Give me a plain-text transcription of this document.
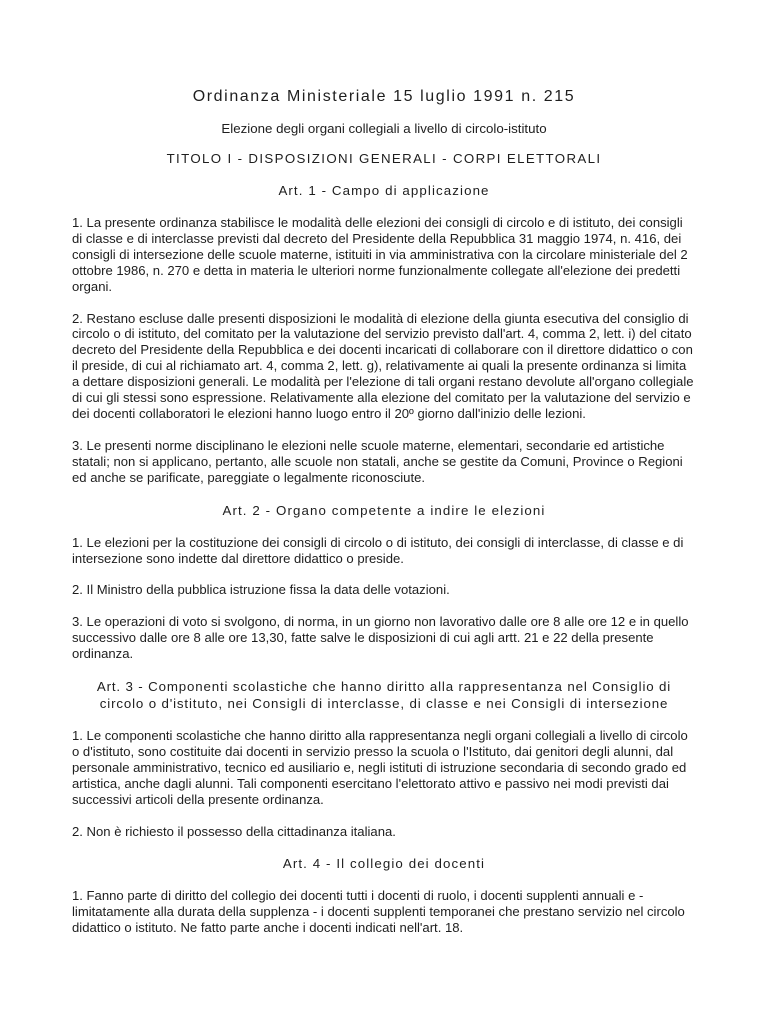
Ordinanza Ministeriale 15 luglio 1991 n. 215
Elezione degli organi collegiali a livello di circolo-istituto
TITOLO I - DISPOSIZIONI GENERALI - CORPI ELETTORALI
Art. 1 - Campo di applicazione

1. La presente ordinanza stabilisce le modalità delle elezioni dei consigli di circolo e di istituto, dei consigli di classe e di interclasse previsti dal decreto del Presidente della Repubblica 31 maggio 1974, n. 416, dei consigli di intersezione delle scuole materne, istituiti in via amministrativa con la circolare ministeriale del 2 ottobre 1986, n. 270 e detta in materia le ulteriori norme funzionalmente collegate all'elezione dei predetti organi.

2. Restano escluse dalle presenti disposizioni le modalità di elezione della giunta esecutiva del consiglio di circolo o di istituto, del comitato per la valutazione del servizio previsto dall'art. 4, comma 2, lett. i) del citato decreto del Presidente della Repubblica e dei docenti incaricati di collaborare con il direttore didattico o con il preside, di cui al richiamato art. 4, comma 2, lett. g), relativamente ai quali la presente ordinanza si limita a dettare disposizioni generali. Le modalità per l'elezione di tali organi restano devolute all'organo collegiale di cui gli stessi sono espressione. Relativamente alla elezione del comitato per la valutazione del servizio e dei docenti collaboratori le elezioni hanno luogo entro il 20º giorno dall'inizio delle lezioni.

3. Le presenti norme disciplinano le elezioni nelle scuole materne, elementari, secondarie ed artistiche statali; non si applicano, pertanto, alle scuole non statali, anche se gestite da Comuni, Province o Regioni ed anche se parificate, pareggiate o legalmente riconosciute.

Art. 2 - Organo competente a indire le elezioni

1. Le elezioni per la costituzione dei consigli di circolo o di istituto, dei consigli di interclasse, di classe e di intersezione sono indette dal direttore didattico o preside.

2. Il Ministro della pubblica istruzione fissa la data delle votazioni.

3. Le operazioni di voto si svolgono, di norma, in un giorno non lavorativo dalle ore 8 alle ore 12 e in quello successivo dalle ore 8 alle ore 13,30, fatte salve le disposizioni di cui agli artt. 21 e 22 della presente ordinanza.

Art. 3 - Componenti scolastiche che hanno diritto alla rappresentanza nel Consiglio di
circolo o d'istituto, nei Consigli di interclasse, di classe e nei Consigli di intersezione

1. Le componenti scolastiche che hanno diritto alla rappresentanza negli organi collegiali a livello di circolo o d'istituto, sono costituite dai docenti in servizio presso la scuola o l'Istituto, dai genitori degli alunni, dal personale amministrativo, tecnico ed ausiliario e, negli istituti di istruzione secondaria di secondo grado ed artistica, anche dagli alunni. Tali componenti esercitano l'elettorato attivo e passivo nei modi previsti dai successivi articoli della presente ordinanza.

2. Non è richiesto il possesso della cittadinanza italiana.

Art. 4 - Il collegio dei docenti

1. Fanno parte di diritto del collegio dei docenti tutti i docenti di ruolo, i docenti supplenti annuali e - limitatamente alla durata della supplenza - i docenti supplenti temporanei che prestano servizio nel circolo didattico o istituto. Ne fatto parte anche i docenti indicati nell'art. 18.
